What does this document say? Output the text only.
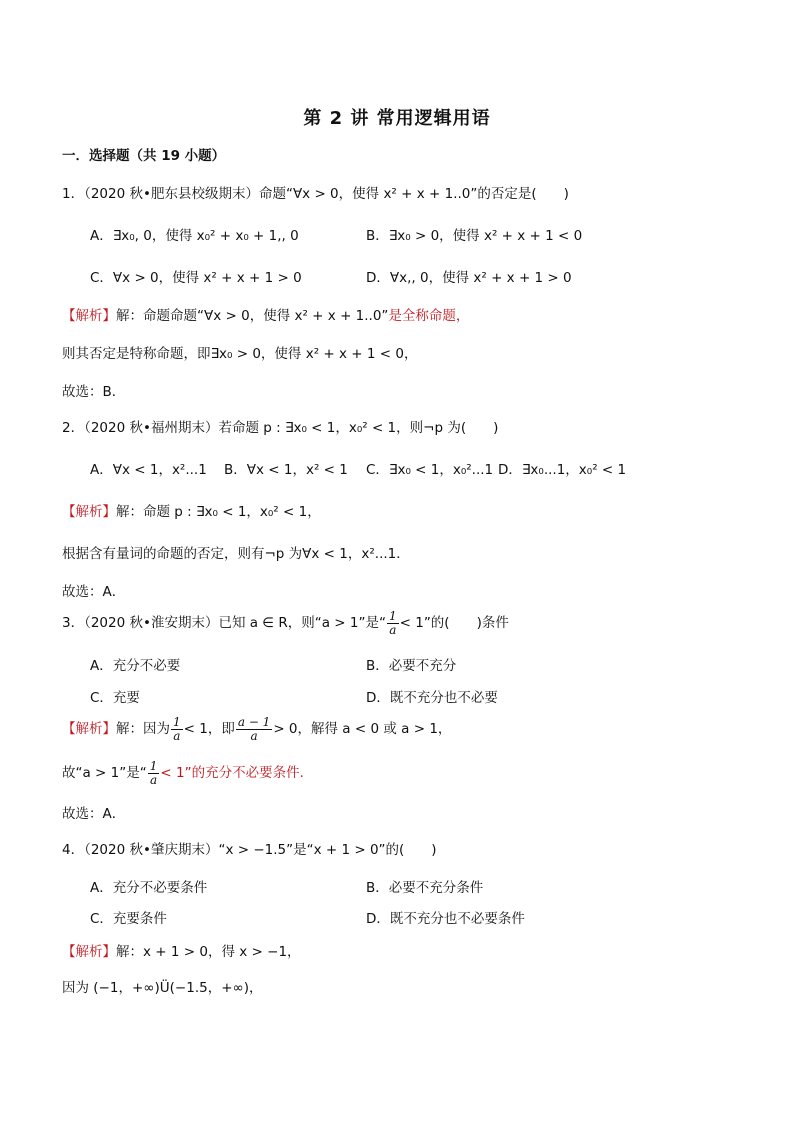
第 2 讲 常用逻辑用语
一．选择题（共 19 小题）
1．（2020 秋•肥东县校级期末）命题“∀x > 0，使得 x² + x + 1..0”的否定是(　　)
A．∃x₀, 0，使得 x₀² + x₀ + 1,, 0	B．∃x₀ > 0，使得 x² + x + 1 < 0
C．∀x > 0，使得 x² + x + 1 > 0	D．∀x,, 0，使得 x² + x + 1 > 0
【解析】解：命题命题“∀x > 0，使得 x² + x + 1..0”是全称命题，
则其否定是特称命题，即∃x₀ > 0，使得 x² + x + 1 < 0，
故选：B．
2．（2020 秋•福州期末）若命题 p : ∃x₀ < 1，x₀² < 1，则¬p 为(　　)
A．∀x < 1，x²...1 B．∀x < 1，x² < 1 C．∃x₀ < 1，x₀²...1 D．∃x₀...1，x₀² < 1
【解析】解：命题 p : ∃x₀ < 1，x₀² < 1，
根据含有量词的命题的否定，则有¬p 为∀x < 1，x²...1．
故选：A．
3．（2020 秋•淮安期末）已知 a ∈ R，则“a > 1”是“ $\frac{1}{a} < 1$”的(　　)条件
A．充分不必要	B．必要不充分
C．充要	D．既不充分也不必要
【解析】解：因为 $\frac{1}{a} < 1$，即 $\frac{a - 1}{a} > 0$，解得 a < 0 或 a > 1，
故“a > 1”是“ $\frac{1}{a} < 1$”的充分不必要条件.
故选：A．
4．（2020 秋•肇庆期末）“x > −1.5”是“x + 1 > 0”的(　　)
A．充分不必要条件	B．必要不充分条件
C．充要条件	D．既不充分也不必要条件
【解析】解：x + 1 > 0，得 x > −1，
因为 (−1，+∞)Ü(−1.5，+∞)，
